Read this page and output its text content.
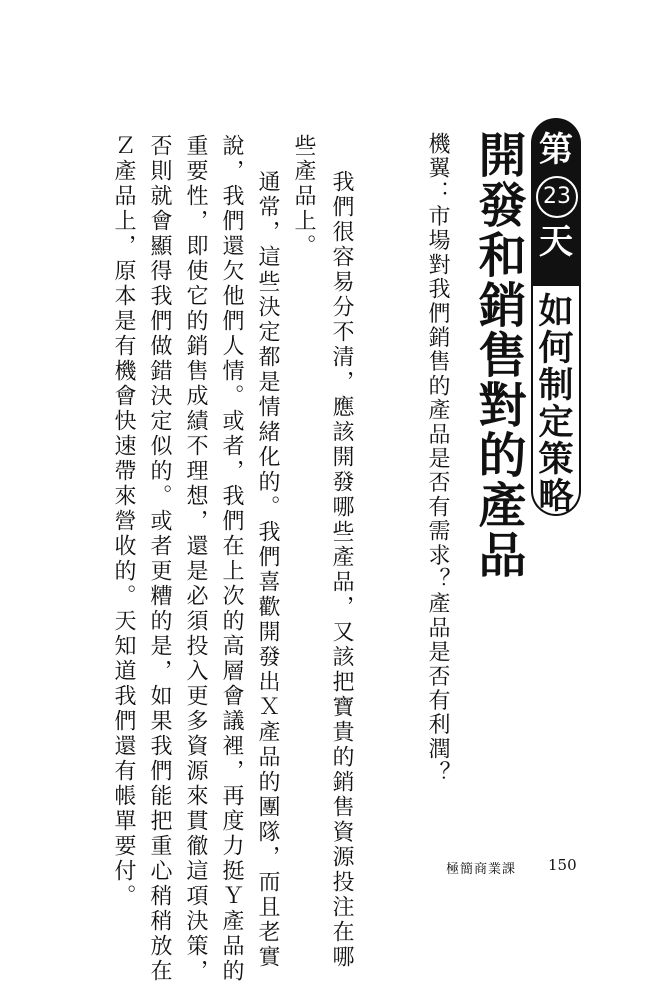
第
23
天
如何制定策略
開發和銷售對的產品
機翼：市場對我們銷售的產品是否有需求？產品是否有利潤？
我們很容易分不清，應該開發哪些產品，又該把寶貴的銷售資源投注在哪
些產品上。
通常，這些決定都是情緒化的。我們喜歡開發出Ｘ產品的團隊，而且老實
說，我們還欠他們人情。或者，我們在上次的高層會議裡，再度力挺Ｙ產品的
重要性，即使它的銷售成績不理想，還是必須投入更多資源來貫徹這項決策，
否則就會顯得我們做錯決定似的。或者更糟的是，如果我們能把重心稍稍放在
Ｚ產品上，原本是有機會快速帶來營收的。天知道我們還有帳單要付。	極簡商業課 150
